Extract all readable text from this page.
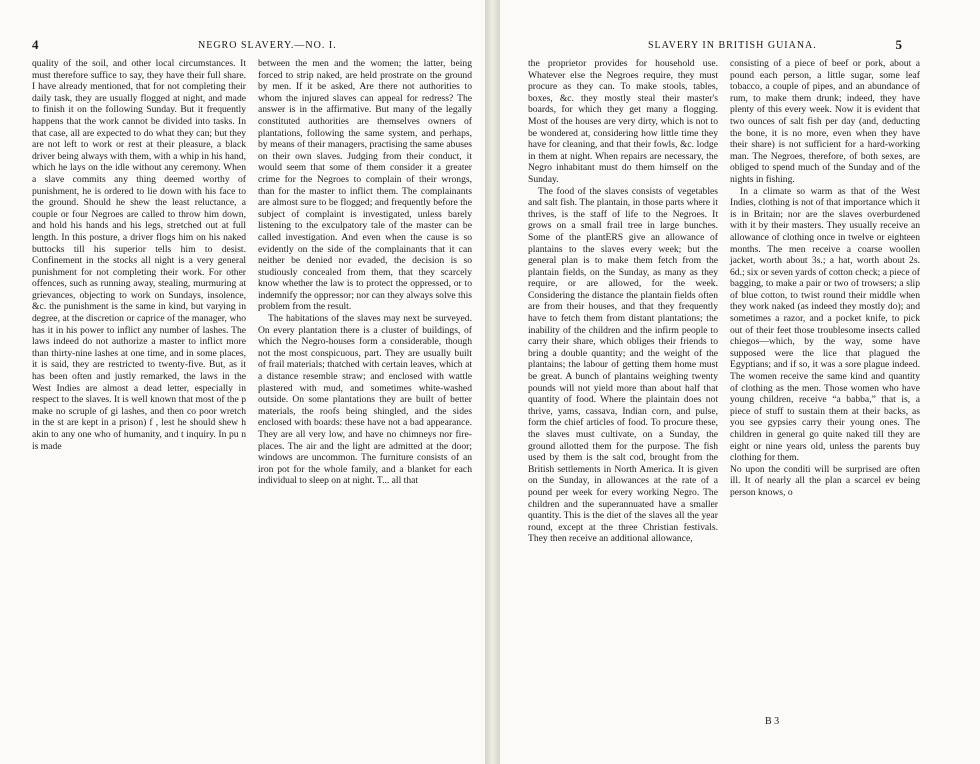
4	NEGRO SLAVERY.—NO. I.	SLAVERY IN BRITISH GUIANA.	5

quality of the soil, and other local circumstances. It must therefore suffice to say, they have their full share. I have already mentioned, that for not completing their daily task, they are usually flogged at night, and made to finish it on the following Sunday. But it frequently happens that the work cannot be divided into tasks. In that case, all are expected to do what they can; but they are not left to work or rest at their pleasure, a black driver being always with them, with a whip in his hand, which he lays on the idle without any ceremony. When a slave commits any thing deemed worthy of punishment, he is ordered to lie down with his face to the ground. Should he shew the least reluctance, a couple or four Negroes are called to throw him down, and hold his hands and his legs, stretched out at full length. In this posture, a driver flogs him on his naked buttocks till his superior tells him to desist. Confinement in the stocks all night is a very general punishment for not completing their work. For other offences, such as running away, stealing, murmuring at grievances, objecting to work on Sundays, insolence, &c. the punishment is the same in kind, but varying in degree, at the discretion or caprice of the manager, who has it in his power to inflict any number of lashes. The laws indeed do not authorize a master to inflict more than thirty-nine lashes at one time, and in some places, it is said, they are restricted to twenty-five. But, as it has been often and justly remarked, the laws in the West Indies are almost a dead letter, especially in respect to the slaves. It is well known that most of the p make no scruple of gi lashes, and then co poor wretch in the st are kept in a prison) f , lest he should shew h akin to any one who of humanity, and t inquiry. In pu n is made

between the men and the women; the latter, being forced to strip naked, are held prostrate on the ground by men. If it be asked, Are there not authorities to whom the injured slaves can appeal for redress? The answer is in the affirmative. But many of the legally constituted authorities are themselves owners of plantations, following the same system, and perhaps, by means of their managers, practising the same abuses on their own slaves. Judging from their conduct, it would seem that some of them consider it a greater crime for the Negroes to complain of their wrongs, than for the master to inflict them. The complainants are almost sure to be flogged; and frequently before the subject of complaint is investigated, unless barely listening to the exculpatory tale of the master can be called investigation. And even when the cause is so evidently on the side of the complainants that it can neither be denied nor evaded, the decision is so studiously concealed from them, that they scarcely know whether the law is to protect the oppressed, or to indemnify the oppressor; nor can they always solve this problem from the result.

The habitations of the slaves may next be surveyed. On every plantation there is a cluster of buildings, of which the Negro-houses form a considerable, though not the most conspicuous, part. They are usually built of frail materials; thatched with certain leaves, which at a distance resemble straw; and enclosed with wattle plastered with mud, and sometimes white-washed outside. On some plantations they are built of better materials, the roofs being shingled, and the sides enclosed with boards: these have not a bad appearance. They are all very low, and have no chimneys nor fire-places. The air and the light are admitted at the door; windows are uncommon. The furniture consists of an iron pot for the whole family, and a blanket for each individual to sleep on at night. T... all that

the proprietor provides for household use. Whatever else the Negroes require, they must procure as they can. To make stools, tables, boxes, &c. they mostly steal their master's boards, for which they get many a flogging. Most of the houses are very dirty, which is not to be wondered at, considering how little time they have for cleaning, and that their fowls, &c. lodge in them at night. When repairs are necessary, the Negro inhabitant must do them himself on the Sunday.

The food of the slaves consists of vegetables and salt fish. The plantain, in those parts where it thrives, is the staff of life to the Negroes. It grows on a small frail tree in large bunches. Some of the plantERS give an allowance of plantains to the slaves every week; but the general plan is to make them fetch from the plantain fields, on the Sunday, as many as they require, or are allowed, for the week. Considering the distance the plantain fields often are from their houses, and that they frequently have to fetch them from distant plantations; the inability of the children and the infirm people to carry their share, which obliges their friends to bring a double quantity; and the weight of the plantains; the labour of getting them home must be great. A bunch of plantains weighing twenty pounds will not yield more than about half that quantity of food. Where the plaintain does not thrive, yams, cassava, Indian corn, and pulse, form the chief articles of food. To procure these, the slaves must cultivate, on a Sunday, the ground allotted them for the purpose. The fish used by them is the salt cod, brought from the British settlements in North America. It is given on the Sunday, in allowances at the rate of a pound per week for every working Negro. The children and the superannuated have a smaller quantity. This is the diet of the slaves all the year round, except at the three Christian festivals. They then receive an additional allowance,

consisting of a piece of beef or pork, about a pound each person, a little sugar, some leaf tobacco, a couple of pipes, and an abundance of rum, to make them drunk; indeed, they have plenty of this every week. Now it is evident that two ounces of salt fish per day (and, deducting the bone, it is no more, even when they have their share) is not sufficient for a hard-working man. The Negroes, therefore, of both sexes, are obliged to spend much of the Sunday and of the nights in fishing.

In a climate so warm as that of the West Indies, clothing is not of that importance which it is in Britain; nor are the slaves overburdened with it by their masters. They usually receive an allowance of clothing once in twelve or eighteen months. The men receive a coarse woollen jacket, worth about 3s.; a hat, worth about 2s. 6d.; six or seven yards of cotton check; a piece of bagging, to make a pair or two of trowsers; a slip of blue cotton, to twist round their middle when they work naked (as indeed they mostly do); and sometimes a razor, and a pocket knife, to pick out of their feet those troublesome insects called chiegos—which, by the way, some have supposed were the lice that plagued the Egyptians; and if so, it was a sore plague indeed. The women receive the same kind and quantity of clothing as the men. Those women who have young children, receive “a babba,” that is, a piece of stuff to sustain them at their backs, as you see gypsies carry their young ones. The children in general go quite naked till they are eight or nine years old, unless the parents buy clothing for them.

No upon the conditi will be surprised are often ill. It of nearly all the plan a scarcel ev being person knows, o

B 3
